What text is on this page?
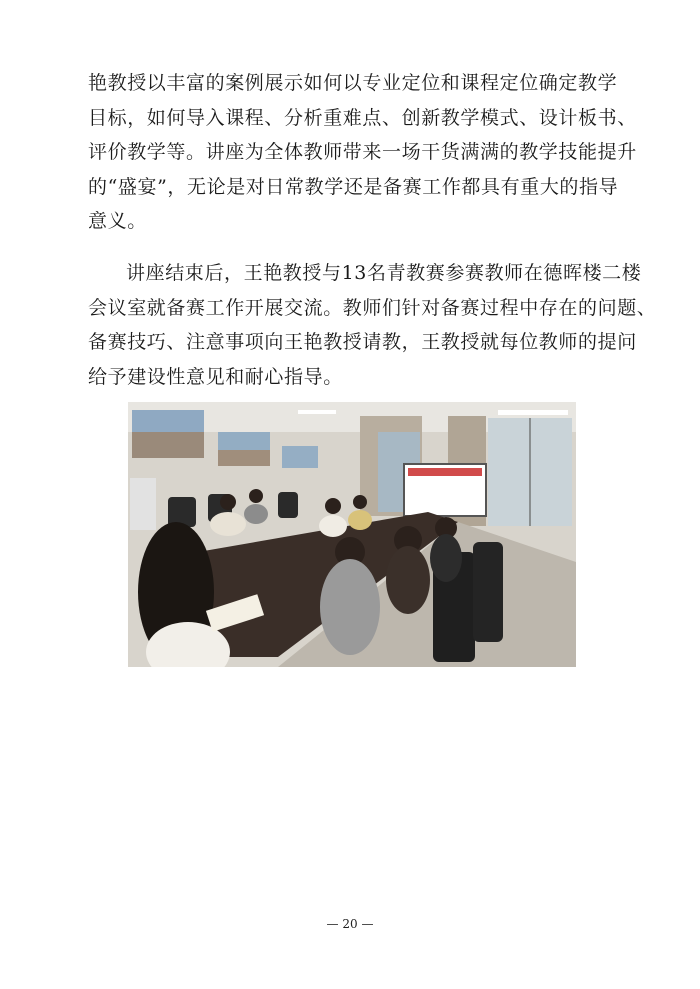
艳教授以丰富的案例展示如何以专业定位和课程定位确定教学
目标，如何导入课程、分析重难点、创新教学模式、设计板书、
评价教学等。讲座为全体教师带来一场干货满满的教学技能提升
的“盛宴”，无论是对日常教学还是备赛工作都具有重大的指导
意义。
讲座结束后，王艳教授与13名青教赛参赛教师在德晖楼二楼
会议室就备赛工作开展交流。教师们针对备赛过程中存在的问题、
备赛技巧、注意事项向王艳教授请教，王教授就每位教师的提问
给予建设性意见和耐心指导。
— 20 —
